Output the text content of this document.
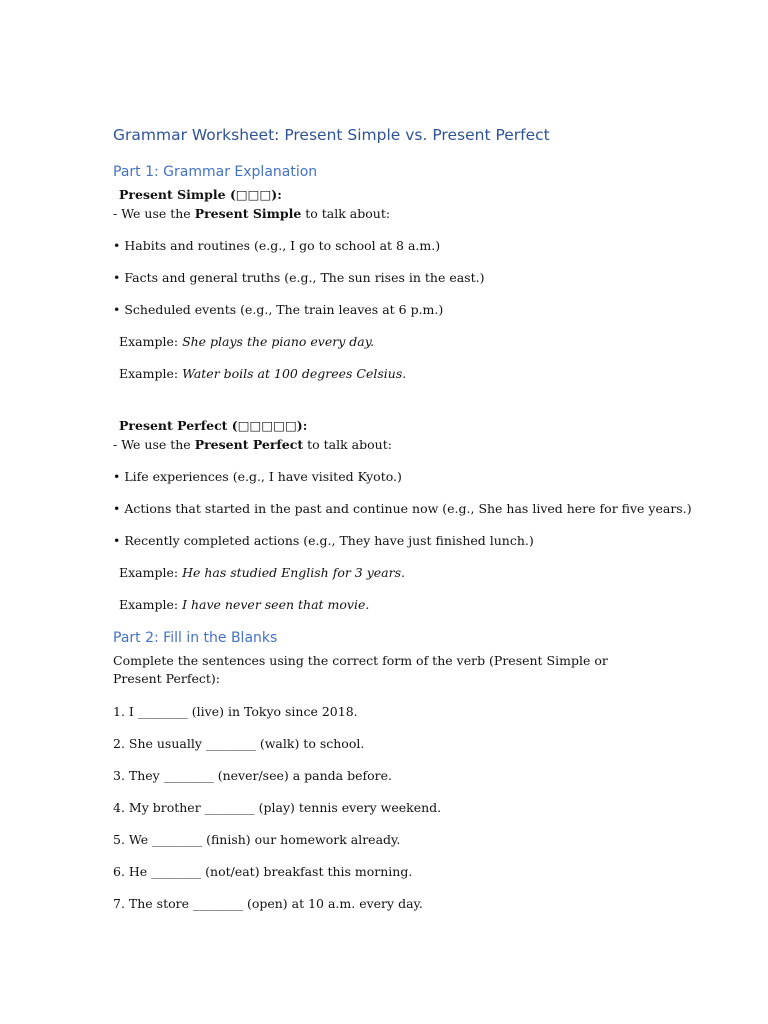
Grammar Worksheet: Present Simple vs. Present Perfect
Part 1: Grammar Explanation
Present Simple (□□□):
- We use the Present Simple to talk about:
• Habits and routines (e.g., I go to school at 8 a.m.)
• Facts and general truths (e.g., The sun rises in the east.)
• Scheduled events (e.g., The train leaves at 6 p.m.)
Example: She plays the piano every day.
Example: Water boils at 100 degrees Celsius.
Present Perfect (□□□□□):
- We use the Present Perfect to talk about:
• Life experiences (e.g., I have visited Kyoto.)
• Actions that started in the past and continue now (e.g., She has lived here for five years.)
• Recently completed actions (e.g., They have just finished lunch.)
Example: He has studied English for 3 years.
Example: I have never seen that movie.
Part 2: Fill in the Blanks
Complete the sentences using the correct form of the verb (Present Simple or Present Perfect):
1. I ________ (live) in Tokyo since 2018.
2. She usually ________ (walk) to school.
3. They ________ (never/see) a panda before.
4. My brother ________ (play) tennis every weekend.
5. We ________ (finish) our homework already.
6. He ________ (not/eat) breakfast this morning.
7. The store ________ (open) at 10 a.m. every day.
